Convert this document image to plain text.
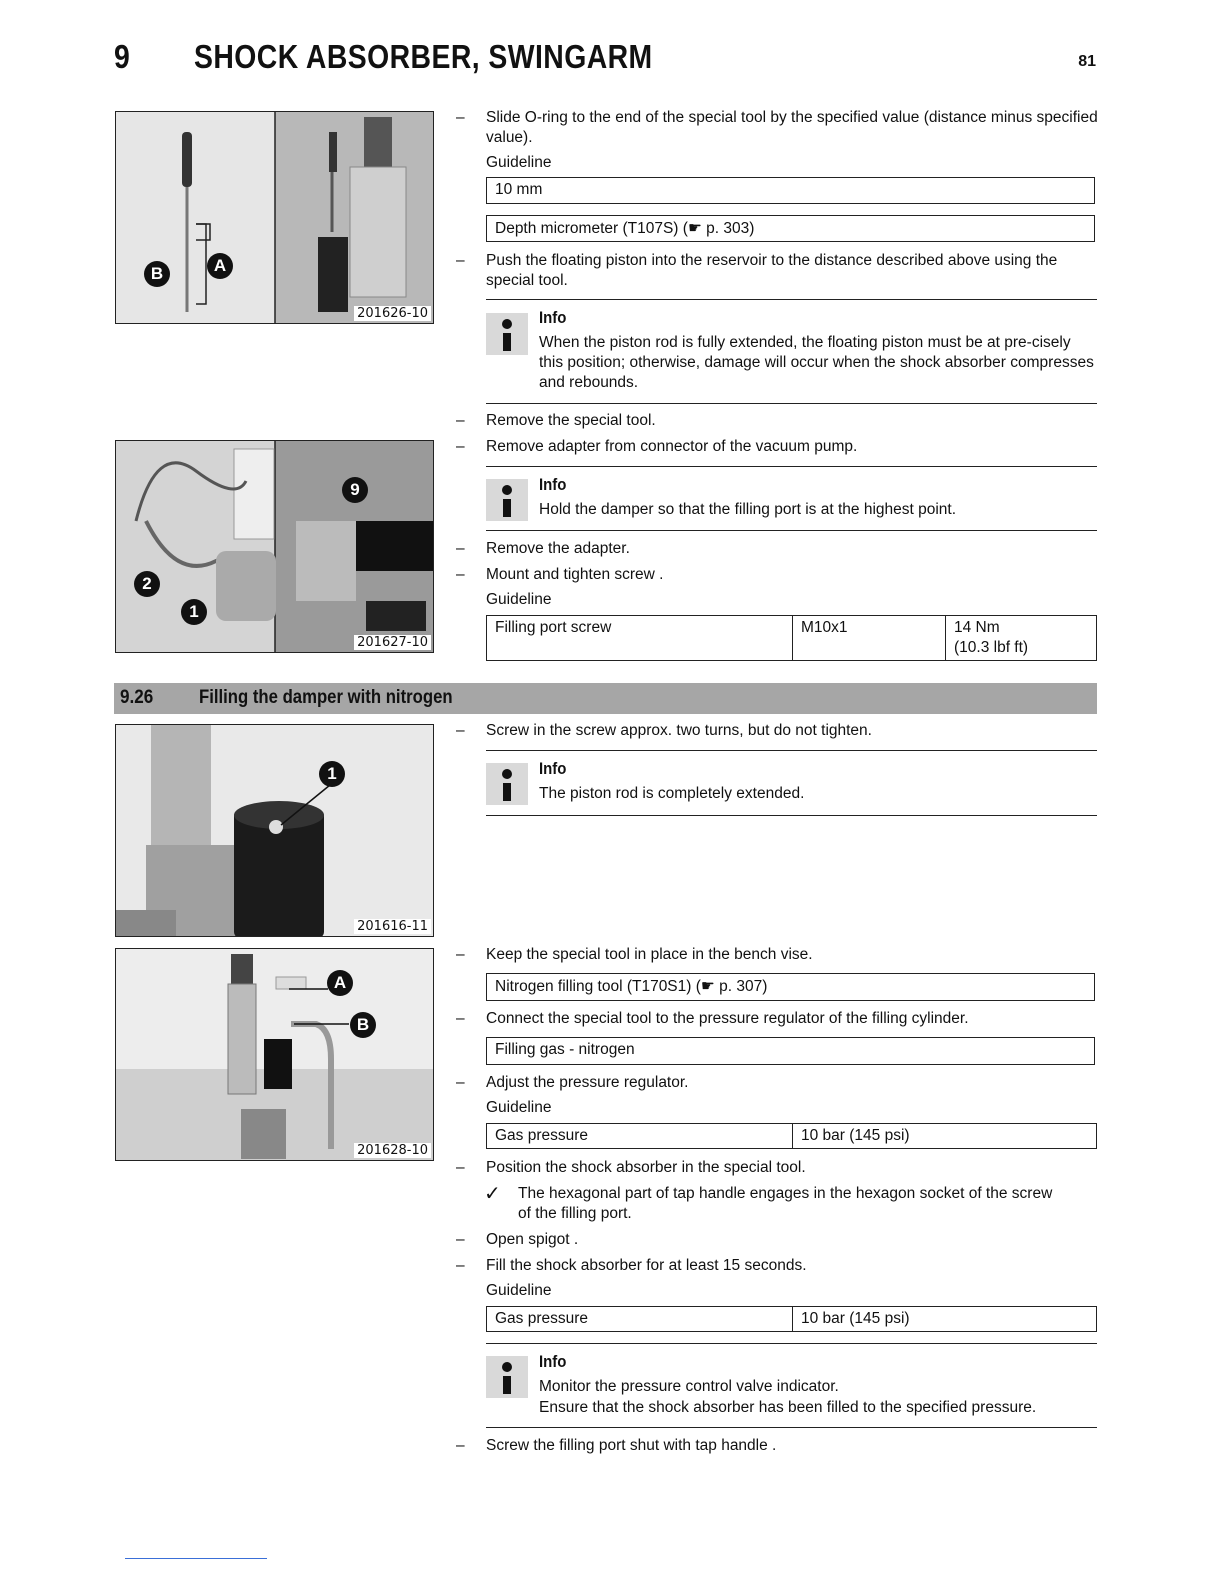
9 SHOCK ABSORBER, SWINGARM	81
B	A
201626-10
– Slide O-ring to the end of the special tool by the specified value (distance minus specified value).
Guideline
10 mm
Depth micrometer (T107S) (☛ p. 303)
– Push the floating piston into the reservoir to the distance described above using the special tool.
Info
When the piston rod is fully extended, the floating piston must be at pre-cisely this position; otherwise, damage will occur when the shock absorber compresses and rebounds.
– Remove the special tool.
– Remove adapter from connector of the vacuum pump.
9
2
1
201627-10
Info
Hold the damper so that the filling port is at the highest point.
– Remove the adapter.
– Mount and tighten screw .
Guideline
Filling port screw	M10x1	14 Nm
(10.3 lbf ft)
9.26 Filling the damper with nitrogen
1
201616-11
– Screw in the screw approx. two turns, but do not tighten.
Info
The piston rod is completely extended.
A
B
201628-10
– Keep the special tool in place in the bench vise.
Nitrogen filling tool (T170S1) (☛ p. 307)
– Connect the special tool to the pressure regulator of the filling cylinder.
Filling gas - nitrogen
– Adjust the pressure regulator.
Guideline
Gas pressure	10 bar (145 psi)
– Position the shock absorber in the special tool.
✓ The hexagonal part of tap handle engages in the hexagon socket of the screw of the filling port.
– Open spigot .
– Fill the shock absorber for at least 15 seconds.
Guideline
Gas pressure	10 bar (145 psi)
Info
Monitor the pressure control valve indicator.
Ensure that the shock absorber has been filled to the specified pressure.
– Screw the filling port shut with tap handle .
